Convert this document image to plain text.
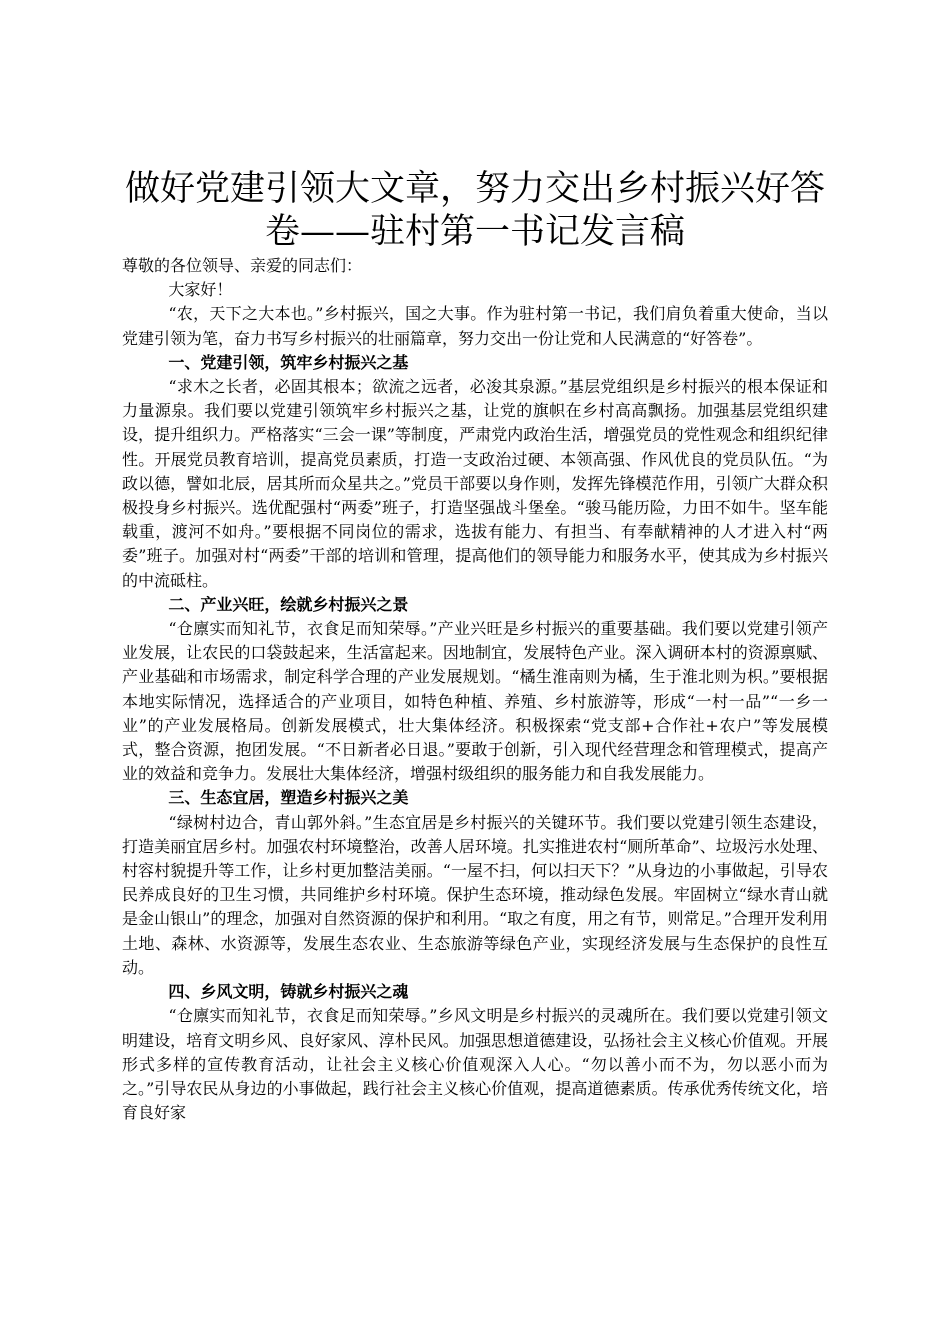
做好党建引领大文章，努力交出乡村振兴好答
卷——驻村第一书记发言稿

尊敬的各位领导、亲爱的同志们：

大家好！

“农，天下之大本也。”乡村振兴，国之大事。作为驻村第一书记，我们肩负着重大使命，当以党建引领为笔，奋力书写乡村振兴的壮丽篇章，努力交出一份让党和人民满意的“好答卷”。

一、党建引领，筑牢乡村振兴之基

“求木之长者，必固其根本；欲流之远者，必浚其泉源。”基层党组织是乡村振兴的根本保证和力量源泉。我们要以党建引领筑牢乡村振兴之基，让党的旗帜在乡村高高飘扬。加强基层党组织建设，提升组织力。严格落实“三会一课”等制度，严肃党内政治生活，增强党员的党性观念和组织纪律性。开展党员教育培训，提高党员素质，打造一支政治过硬、本领高强、作风优良的党员队伍。“为政以德，譬如北辰，居其所而众星共之。”党员干部要以身作则，发挥先锋模范作用，引领广大群众积极投身乡村振兴。选优配强村“两委”班子，打造坚强战斗堡垒。“骏马能历险，力田不如牛。坚车能载重，渡河不如舟。”要根据不同岗位的需求，选拔有能力、有担当、有奉献精神的人才进入村“两委”班子。加强对村“两委”干部的培训和管理，提高他们的领导能力和服务水平，使其成为乡村振兴的中流砥柱。

二、产业兴旺，绘就乡村振兴之景

“仓廪实而知礼节，衣食足而知荣辱。”产业兴旺是乡村振兴的重要基础。我们要以党建引领产业发展，让农民的口袋鼓起来，生活富起来。因地制宜，发展特色产业。深入调研本村的资源禀赋、产业基础和市场需求，制定科学合理的产业发展规划。“橘生淮南则为橘，生于淮北则为枳。”要根据本地实际情况，选择适合的产业项目，如特色种植、养殖、乡村旅游等，形成“一村一品”“一乡一业”的产业发展格局。创新发展模式，壮大集体经济。积极探索“党支部+合作社+农户”等发展模式，整合资源，抱团发展。“不日新者必日退。”要敢于创新，引入现代经营理念和管理模式，提高产业的效益和竞争力。发展壮大集体经济，增强村级组织的服务能力和自我发展能力。

三、生态宜居，塑造乡村振兴之美

“绿树村边合，青山郭外斜。”生态宜居是乡村振兴的关键环节。我们要以党建引领生态建设，打造美丽宜居乡村。加强农村环境整治，改善人居环境。扎实推进农村“厕所革命”、垃圾污水处理、村容村貌提升等工作，让乡村更加整洁美丽。“一屋不扫，何以扫天下？”从身边的小事做起，引导农民养成良好的卫生习惯，共同维护乡村环境。保护生态环境，推动绿色发展。牢固树立“绿水青山就是金山银山”的理念，加强对自然资源的保护和利用。“取之有度，用之有节，则常足。”合理开发利用土地、森林、水资源等，发展生态农业、生态旅游等绿色产业，实现经济发展与生态保护的良性互动。

四、乡风文明，铸就乡村振兴之魂

“仓廪实而知礼节，衣食足而知荣辱。”乡风文明是乡村振兴的灵魂所在。我们要以党建引领文明建设，培育文明乡风、良好家风、淳朴民风。加强思想道德建设，弘扬社会主义核心价值观。开展形式多样的宣传教育活动，让社会主义核心价值观深入人心。“勿以善小而不为，勿以恶小而为之。”引导农民从身边的小事做起，践行社会主义核心价值观，提高道德素质。传承优秀传统文化，培育良好家
